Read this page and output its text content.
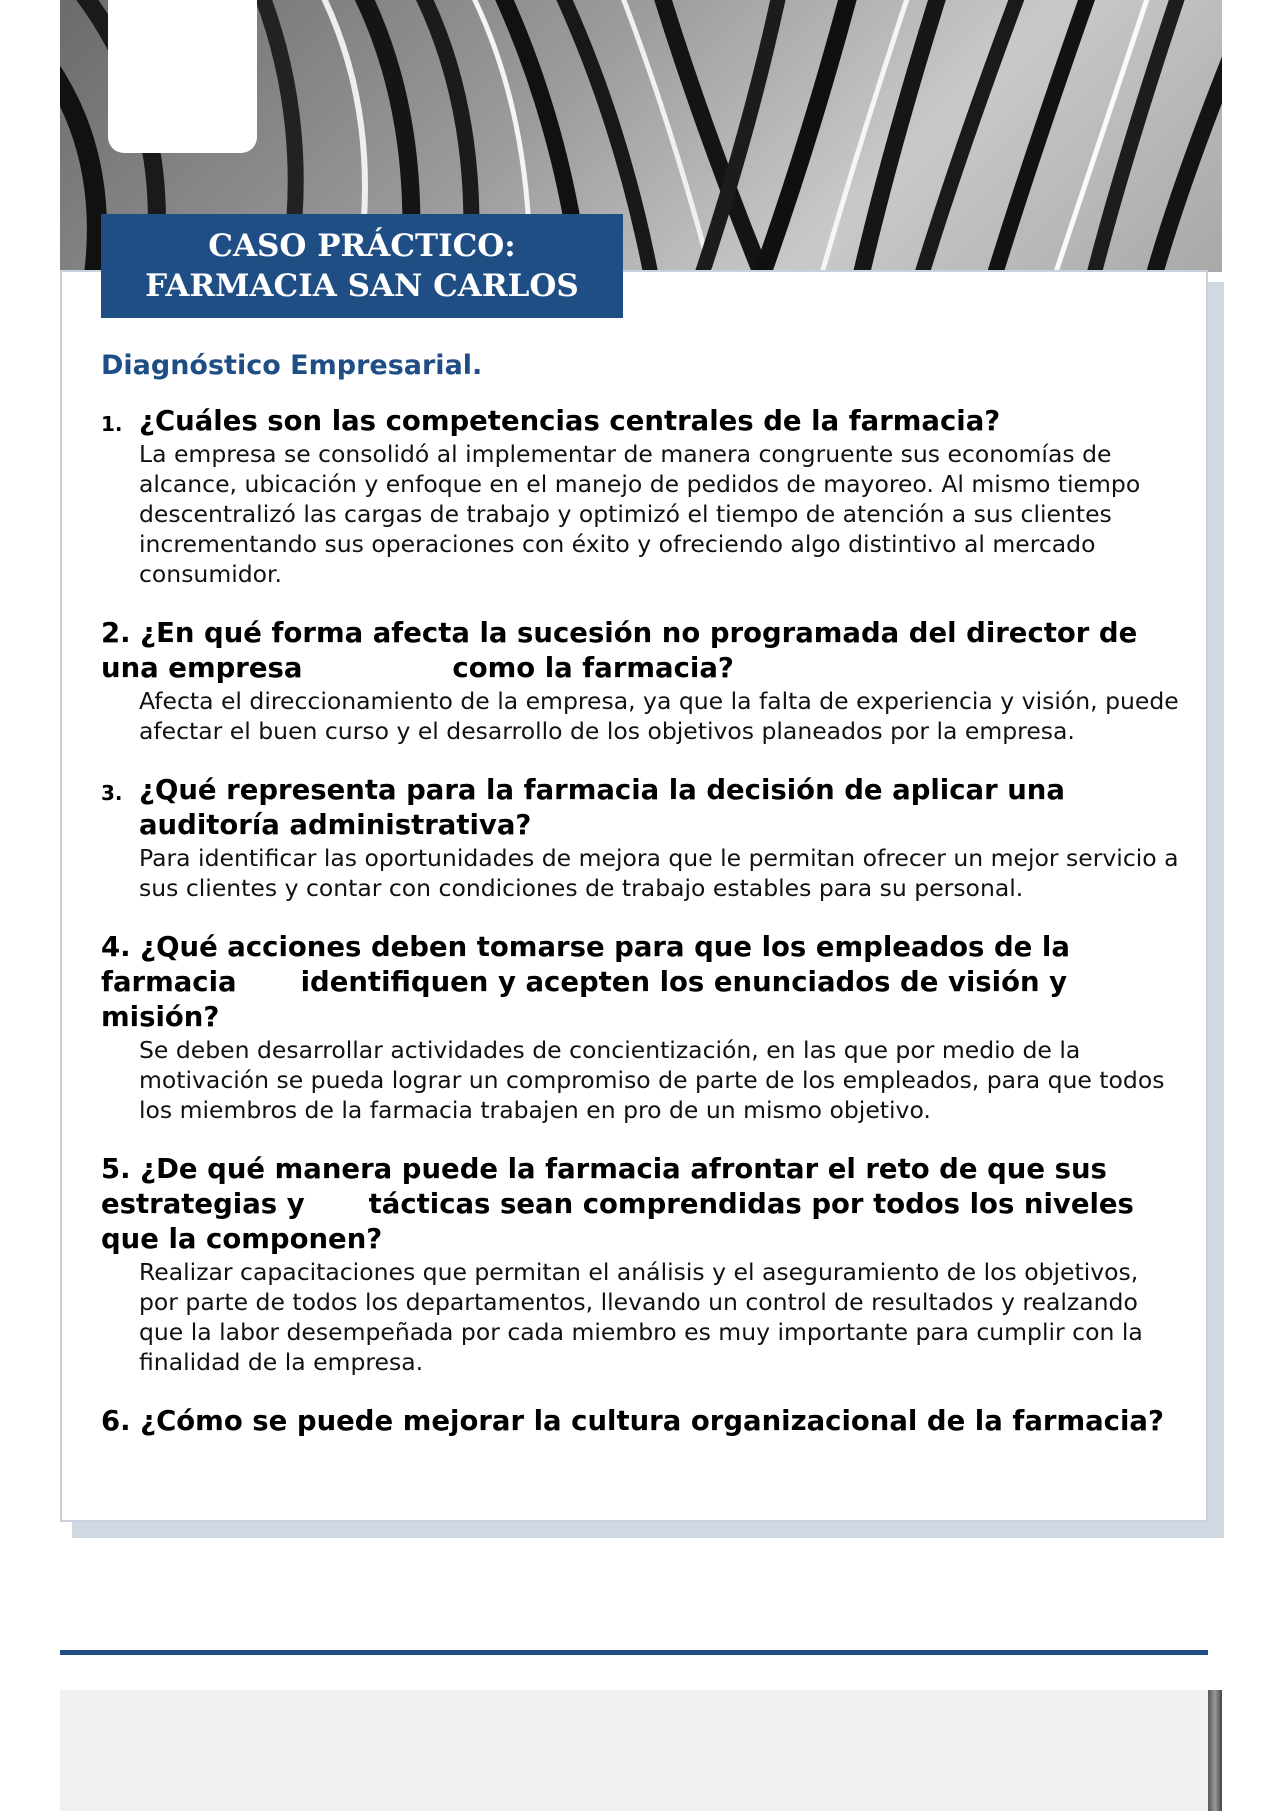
CASO PRÁCTICO:
FARMACIA SAN CARLOS
Diagnóstico Empresarial.
1. ¿Cuáles son las competencias centrales de la farmacia?
La empresa se consolidó al implementar de manera congruente sus economías de alcance, ubicación y enfoque en el manejo de pedidos de mayoreo. Al mismo tiempo descentralizó las cargas de trabajo y optimizó el tiempo de atención a sus clientes incrementando sus operaciones con éxito y ofreciendo algo distintivo al mercado consumidor.
2. ¿En qué forma afecta la sucesión no programada del director de una empresa	como la farmacia?
Afecta el direccionamiento de la empresa, ya que la falta de experiencia y visión, puede afectar el buen curso y el desarrollo de los objetivos planeados por la empresa.
3. ¿Qué representa para la farmacia la decisión de aplicar una auditoría administrativa?
Para identificar las oportunidades de mejora que le permitan ofrecer un mejor servicio a sus clientes y contar con condiciones de trabajo estables para su personal.
4. ¿Qué acciones deben tomarse para que los empleados de la farmacia identifiquen y acepten los enunciados de visión y misión?
Se deben desarrollar actividades de concientización, en las que por medio de la motivación se pueda lograr un compromiso de parte de los empleados, para que todos los miembros de la farmacia trabajen en pro de un mismo objetivo.
5. ¿De qué manera puede la farmacia afrontar el reto de que sus estrategias y tácticas sean comprendidas por todos los niveles que la componen?
Realizar capacitaciones que permitan el análisis y el aseguramiento de los objetivos, por parte de todos los departamentos, llevando un control de resultados y realzando que la labor desempeñada por cada miembro es muy importante para cumplir con la finalidad de la empresa.
6. ¿Cómo se puede mejorar la cultura organizacional de la farmacia?
